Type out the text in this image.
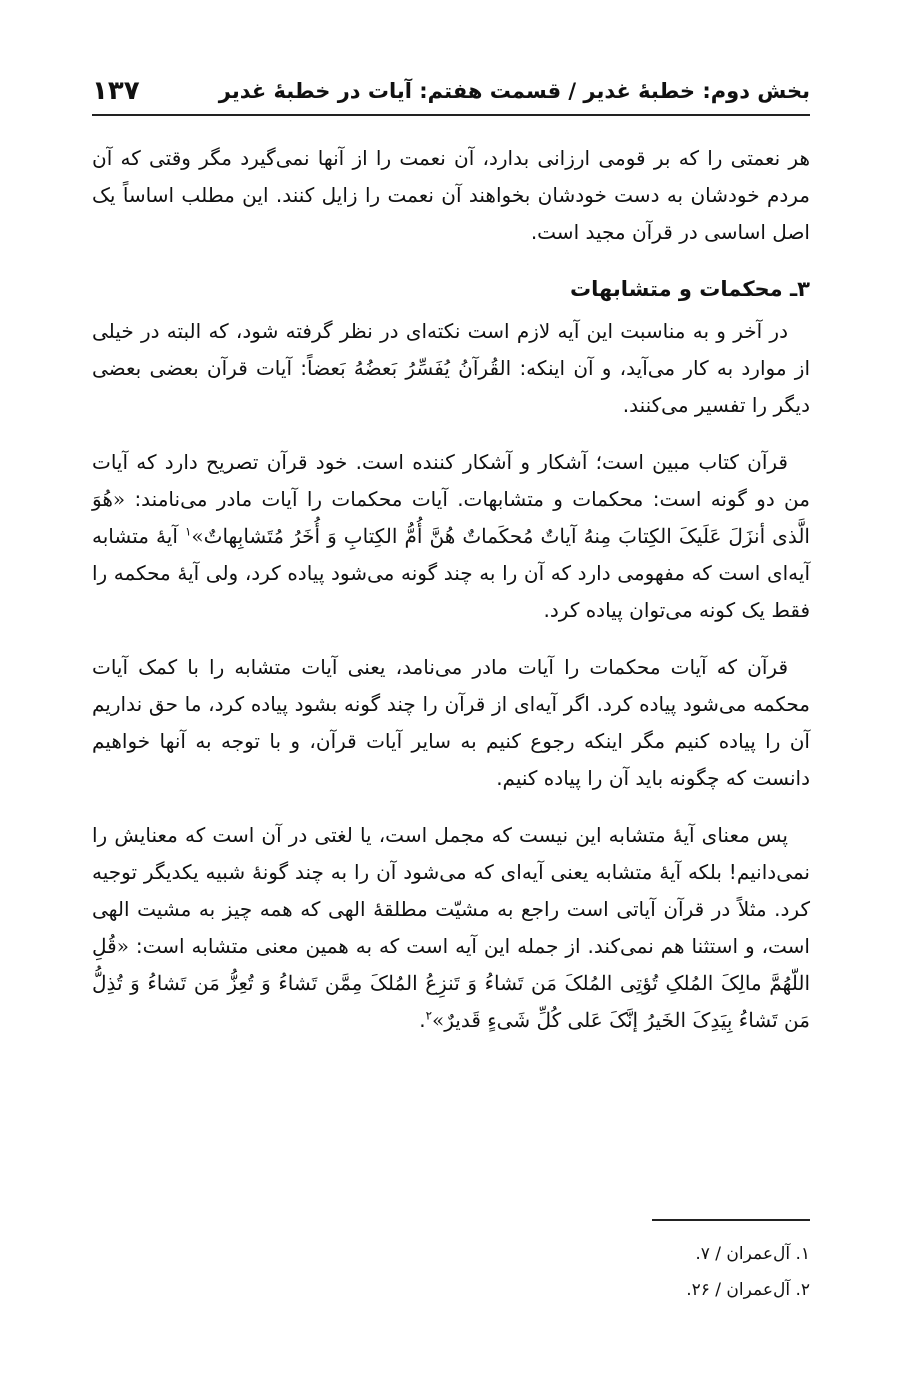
بخش دوم: خطبهٔ غدیر / قسمت هفتم: آیات در خطبهٔ غدیر
۱۳۷

هر نعمتی را که بر قومی ارزانی بدارد، آن نعمت را از آنها نمی‌گیرد مگر وقتی که آن مردم خودشان به دست خودشان بخواهند آن نعمت را زایل کنند. این مطلب اساساً یک اصل اساسی در قرآن مجید است.

۳ـ محکمات و متشابهات

در آخر و به مناسبت این آیه لازم است نکته‌ای در نظر گرفته شود، که البته در خیلی از موارد به کار می‌آید، و آن اینکه: القُرآنُ یُفَسِّرُ بَعضُهُ بَعضاً: آیات قرآن بعضی بعضی دیگر را تفسیر می‌کنند.

قرآن کتاب مبین است؛ آشکار و آشکار کننده است. خود قرآن تصریح دارد که آیات من دو گونه است: محکمات و متشابهات. آیات محکمات را آیات مادر می‌نامند: «هُوَ الَّذی أنزَلَ عَلَیکَ الکِتابَ مِنهُ آیاتٌ مُحکَماتٌ هُنَّ أُمُّ الکِتابِ وَ أُخَرُ مُتَشابِهاتٌ»$^۱$ آیهٔ متشابه آیه‌ای است که مفهومی دارد که آن را به چند گونه می‌شود پیاده کرد، ولی آیهٔ محکمه را فقط یک کونه می‌توان پیاده کرد.

قرآن که آیات محکمات را آیات مادر می‌نامد، یعنی آیات متشابه را با کمک آیات محکمه می‌شود پیاده کرد. اگر آیه‌ای از قرآن را چند گونه بشود پیاده کرد، ما حق نداریم آن را پیاده کنیم مگر اینکه رجوع کنیم به سایر آیات قرآن، و با توجه به آنها خواهیم دانست که چگونه باید آن را پیاده کنیم.

پس معنای آیهٔ متشابه این نیست که مجمل است، یا لغتی در آن است که معنایش را نمی‌دانیم! بلکه آیهٔ متشابه یعنی آیه‌ای که می‌شود آن را به چند گونهٔ شبیه یکدیگر توجیه کرد. مثلاً در قرآن آیاتی است راجع به مشیّت مطلقهٔ الهی که همه چیز به مشیت الهی است، و استثنا هم نمی‌کند. از جمله این آیه است که به همین معنی متشابه است: «قُلِ اللّهُمَّ مالِکَ المُلکِ تُؤتِی المُلکَ مَن تَشاءُ وَ تَنزِعُ المُلکَ مِمَّن تَشاءُ وَ تُعِزُّ مَن تَشاءُ وَ تُذِلُّ مَن تَشاءُ بِیَدِکَ الخَیرُ إنَّکَ عَلی کُلِّ شَیءٍ قَدیرٌ»$^۲$.

۱. آل‌عمران / ۷.

۲. آل‌عمران / ۲۶.
